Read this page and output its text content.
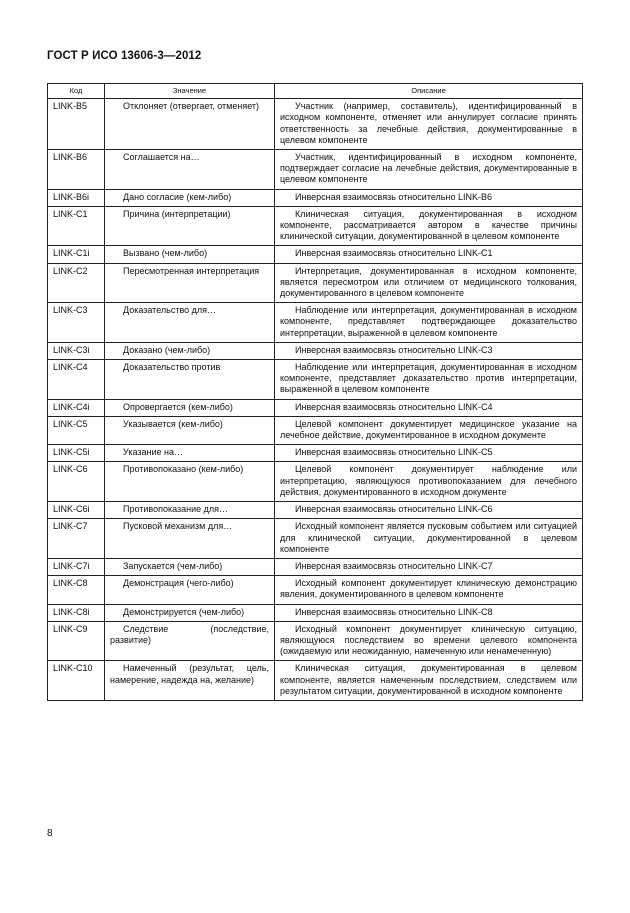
ГОСТ Р ИСО 13606-3—2012
Код	Значение	Описание
LINK-B5	Отклоняет (отвергает, отменяет)	Участник (например, составитель), идентифицированный в исходном компоненте, отменяет или аннулирует согласие принять ответственность за лечебные действия, документированные в целевом компоненте

LINK-B6	Соглашается на…	Участник, идентифицированный в исходном компоненте, подтверждает согласие на лечебные действия, документированные в целевом компоненте

LINK-B6i	Дано согласие (кем-либо)	Инверсная взаимосвязь относительно LINK-B6

LINK-C1	Причина (интерпретации)	Клиническая ситуация, документированная в исходном компоненте, рассматривается автором в качестве причины клинической ситуации, документированной в целевом компоненте

LINK-C1i	Вызвано (чем-либо)	Инверсная взаимосвязь относительно LINK-C1

LINK-C2	Пересмотренная интерпретация	Интерпретация, документированная в исходном компоненте, является пересмотром или отличием от медицинского толкования, документированного в целевом компоненте

LINK-C3	Доказательство для…	Наблюдение или интерпретация, документированная в исходном компоненте, представляет подтверждающее доказательство интерпретации, выраженной в целевом компоненте

LINK-C3i	Доказано (чем-либо)	Инверсная взаимосвязь относительно LINK-C3

LINK-C4	Доказательство против	Наблюдение или интерпретация, документированная в исходном компоненте, представляет доказательство против интерпретации, выраженной в целевом компоненте

LINK-C4i	Опровергается (кем-либо)	Инверсная взаимосвязь относительно LINK-C4

LINK-C5	Указывается (кем-либо)	Целевой компонент документирует медицинское указание на лечебное действие, документированное в исходном документе

LINK-C5i	Указание на…	Инверсная взаимосвязь относительно LINK-C5

LINK-C6	Противопоказано (кем-либо)	Целевой компонент документирует наблюдение или интерпретацию, являющуюся противопоказанием для лечебного действия, документированного в исходном документе

LINK-C6i	Противопоказание для…	Инверсная взаимосвязь относительно LINK-C6

LINK-C7	Пусковой механизм для…	Исходный компонент является пусковым событием или ситуацией для клинической ситуации, документированной в целевом компоненте

LINK-C7i	Запускается (чем-либо)	Инверсная взаимосвязь относительно LINK-C7

LINK-C8	Демонстрация (чего-либо)	Исходный компонент документирует клиническую демонстрацию явления, документированного в целевом компоненте

LINK-C8i	Демонстрируется (чем-либо)	Инверсная взаимосвязь относительно LINK-C8

LINK-C9	Следствие (последствие, развитие)	Исходный компонент документирует клиническую ситуацию, являющуюся последствием во времени целевого компонента (ожидаемую или неожиданную, намеченную или ненамеченную)

LINK-C10	Намеченный (результат, цель, намерение, надежда на, желание)	Клиническая ситуация, документированная в целевом компоненте, является намеченным последствием, следствием или результатом ситуации, документированной в исходном компоненте
8
